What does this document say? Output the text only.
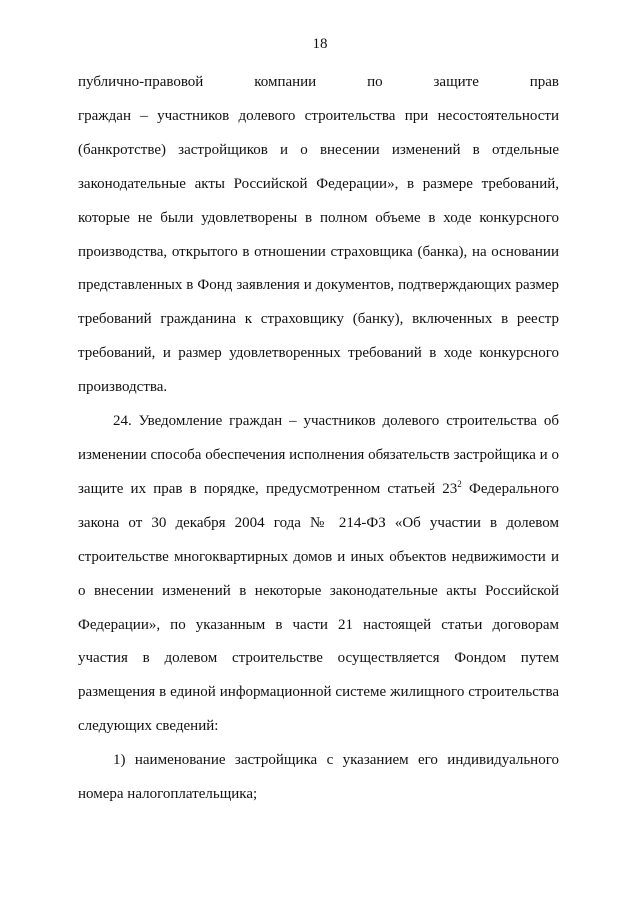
18
публично-правовой компании по защите прав
граждан – участников долевого строительства при несостоятельности
(банкротстве) застройщиков и о внесении изменений в отдельные
законодательные акты Российской Федерации», в размере требований,
которые не были удовлетворены в полном объеме в ходе конкурсного
производства, открытого в отношении страховщика (банка), на основании
представленных в Фонд заявления и документов, подтверждающих размер
требований гражданина к страховщику (банку), включенных в реестр
требований, и размер удовлетворенных требований в ходе конкурсного
производства.
24. Уведомление граждан – участников долевого строительства об
изменении способа обеспечения исполнения обязательств застройщика и о
защите их прав в порядке, предусмотренном статьей $23^2$ Федерального
закона от 30 декабря 2004 года № 214-ФЗ «Об участии в долевом
строительстве многоквартирных домов и иных объектов недвижимости и
о внесении изменений в некоторые законодательные акты Российской
Федерации», по указанным в части 21 настоящей статьи договорам
участия в долевом строительстве осуществляется Фондом путем
размещения в единой информационной системе жилищного строительства
следующих сведений:
1) наименование застройщика с указанием его индивидуального
номера налогоплательщика;
